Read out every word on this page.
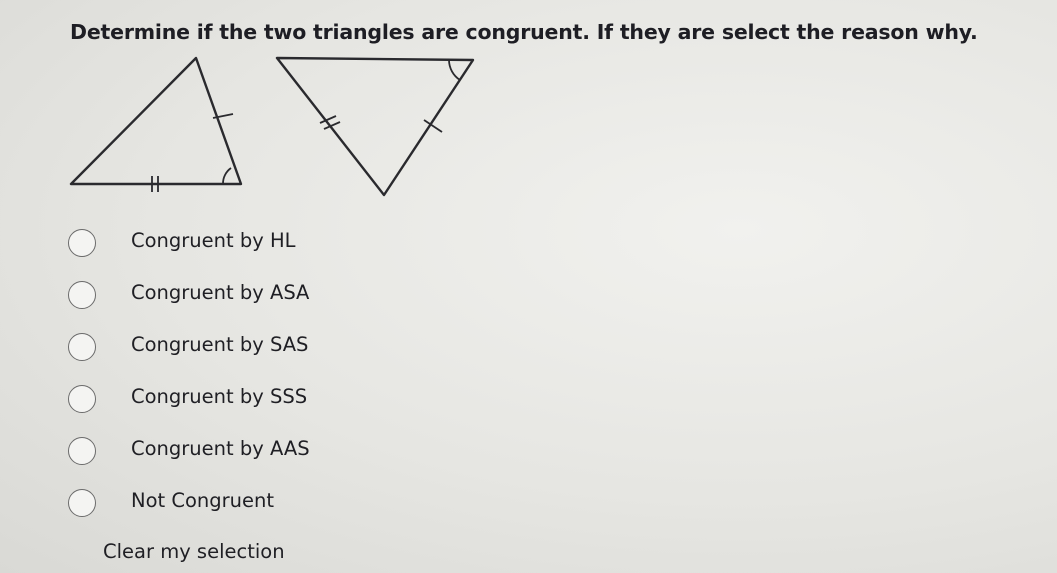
Determine if the two triangles are congruent. If they are select the reason why.
Congruent by HL
Congruent by ASA
Congruent by SAS
Congruent by SSS
Congruent by AAS
Not Congruent
Clear my selection
